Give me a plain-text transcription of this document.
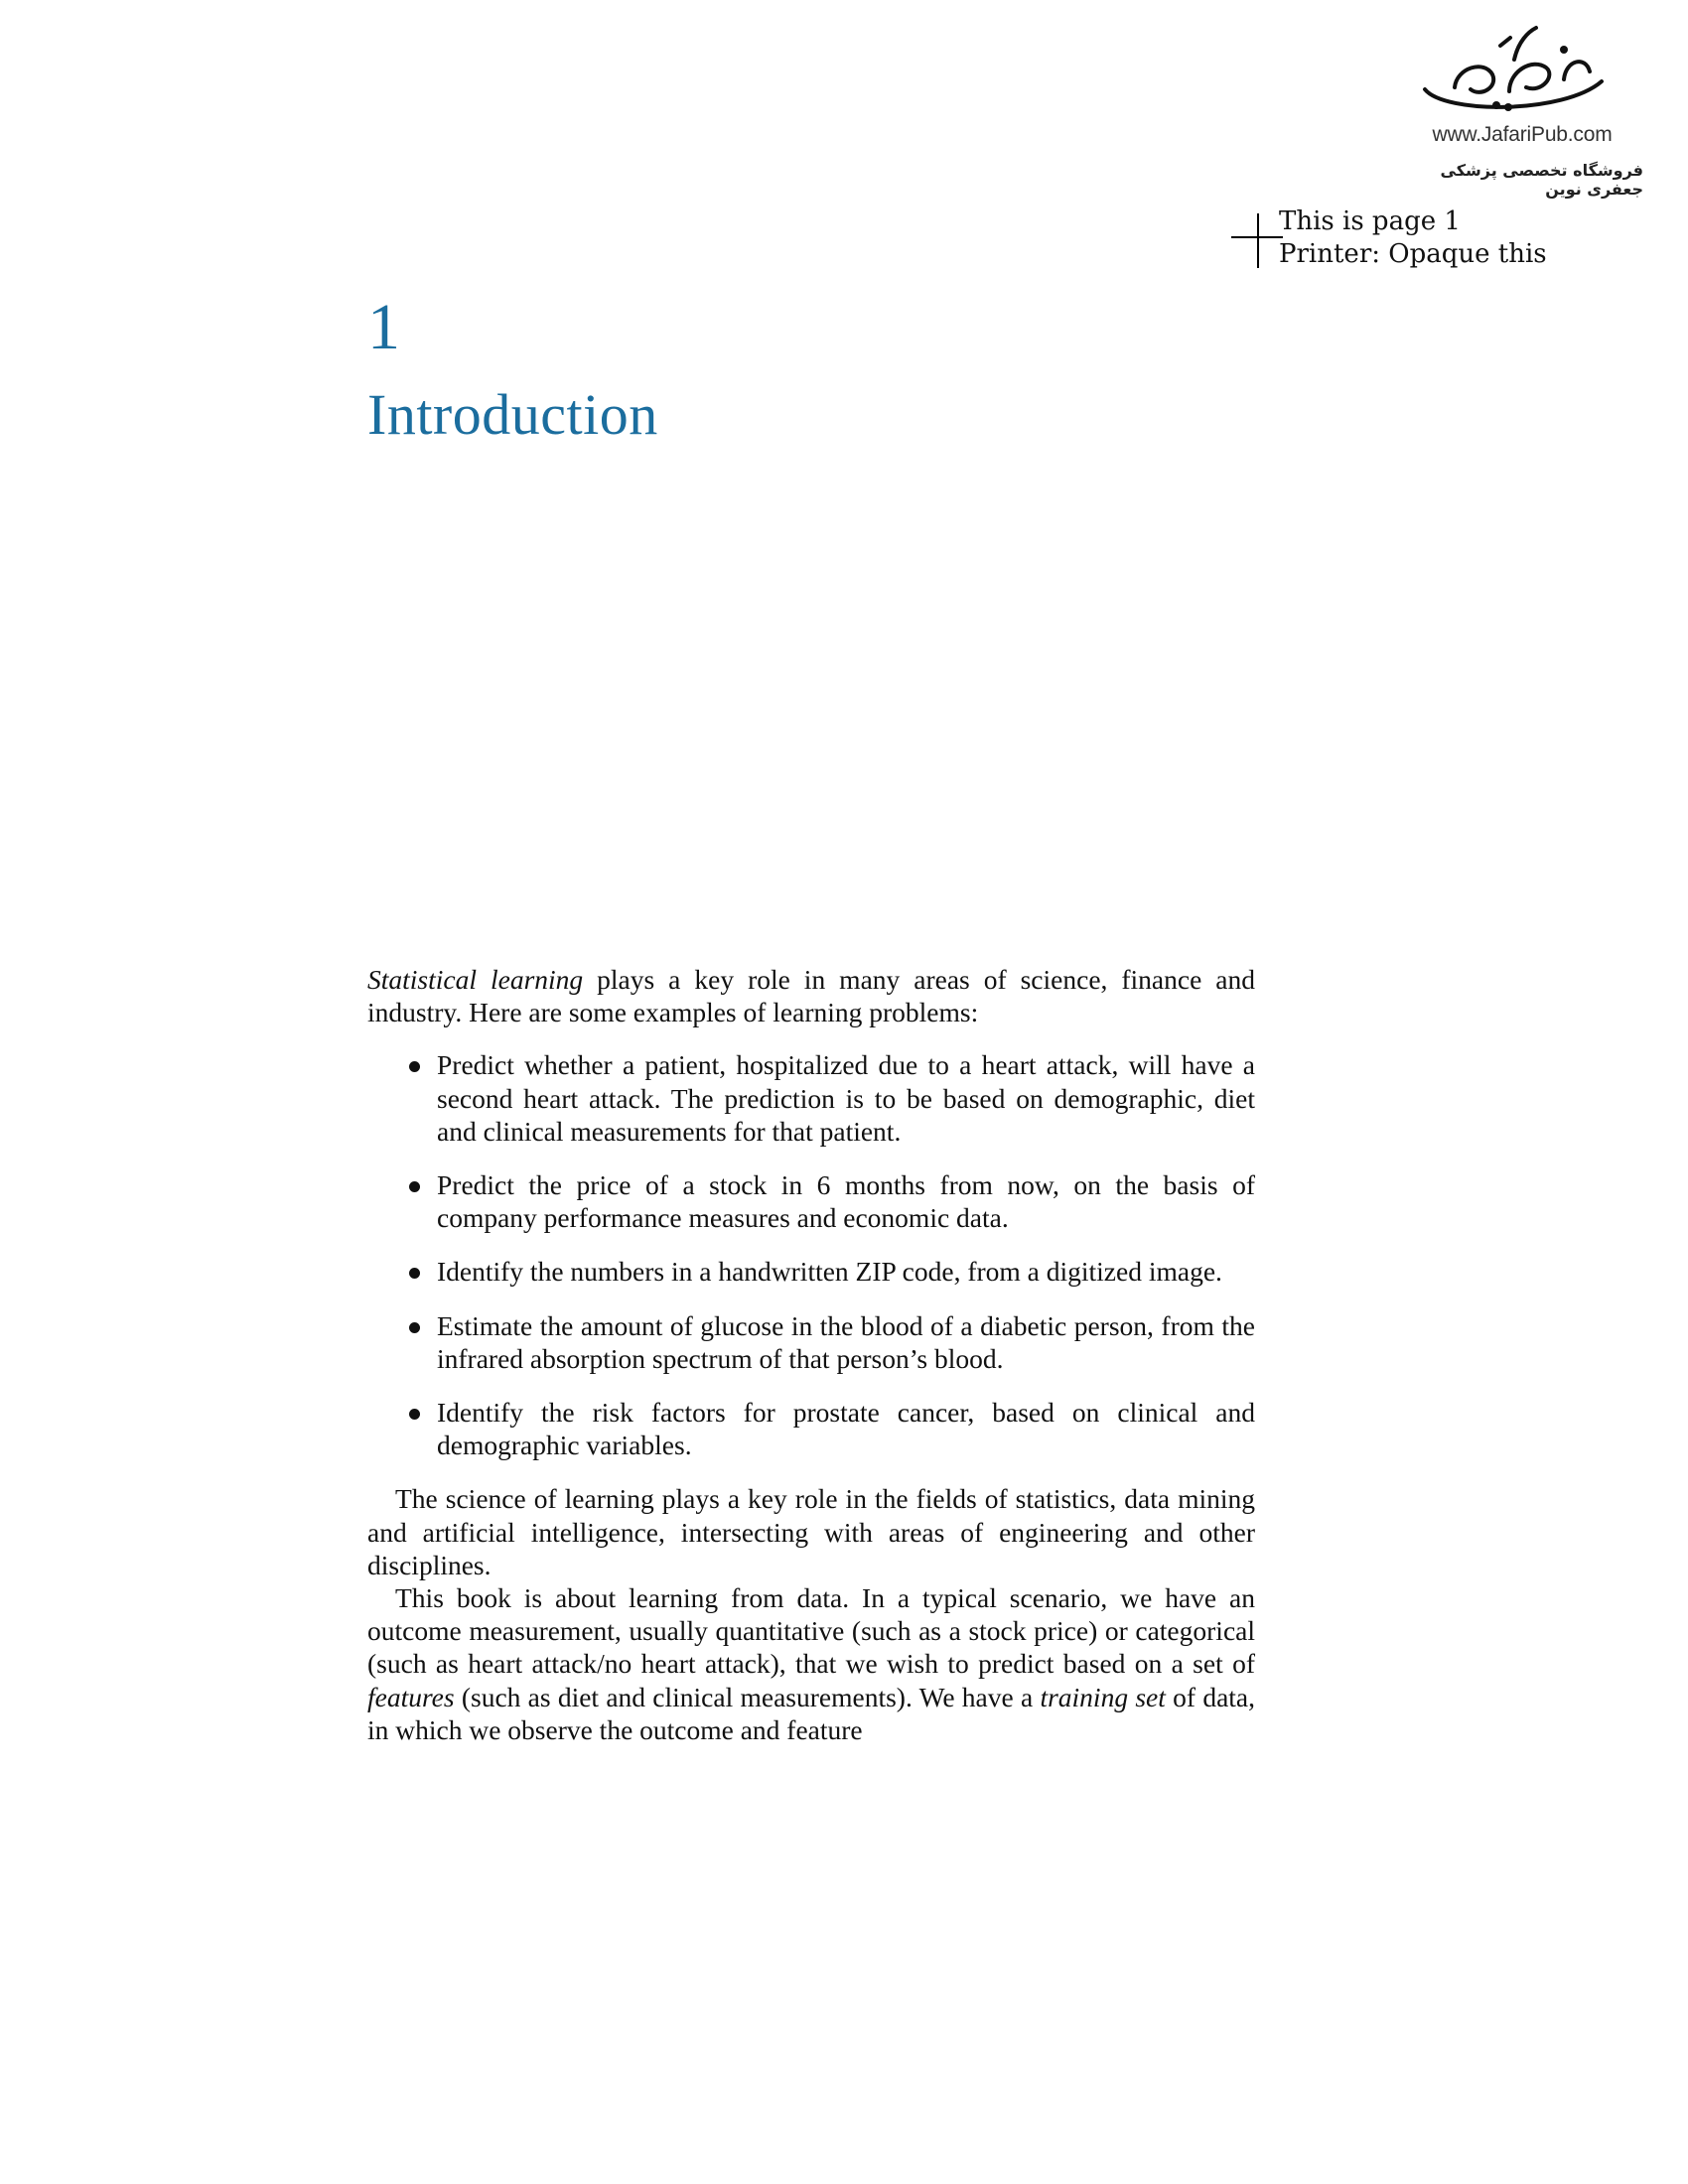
www.JafariPub.com
فروشگاه تخصصی پزشکی جعفری نوین
This is page 1
Printer: Opaque this
1
Introduction

Statistical learning plays a key role in many areas of science, finance and industry. Here are some examples of learning problems:

Predict whether a patient, hospitalized due to a heart attack, will have a second heart attack. The prediction is to be based on demographic, diet and clinical measurements for that patient.
Predict the price of a stock in 6 months from now, on the basis of company performance measures and economic data.
Identify the numbers in a handwritten ZIP code, from a digitized image.
Estimate the amount of glucose in the blood of a diabetic person, from the infrared absorption spectrum of that person’s blood.
Identify the risk factors for prostate cancer, based on clinical and demographic variables.

The science of learning plays a key role in the fields of statistics, data mining and artificial intelligence, intersecting with areas of engineering and other disciplines.

This book is about learning from data. In a typical scenario, we have an outcome measurement, usually quantitative (such as a stock price) or categorical (such as heart attack/no heart attack), that we wish to predict based on a set of features (such as diet and clinical measurements). We have a training set of data, in which we observe the outcome and feature
